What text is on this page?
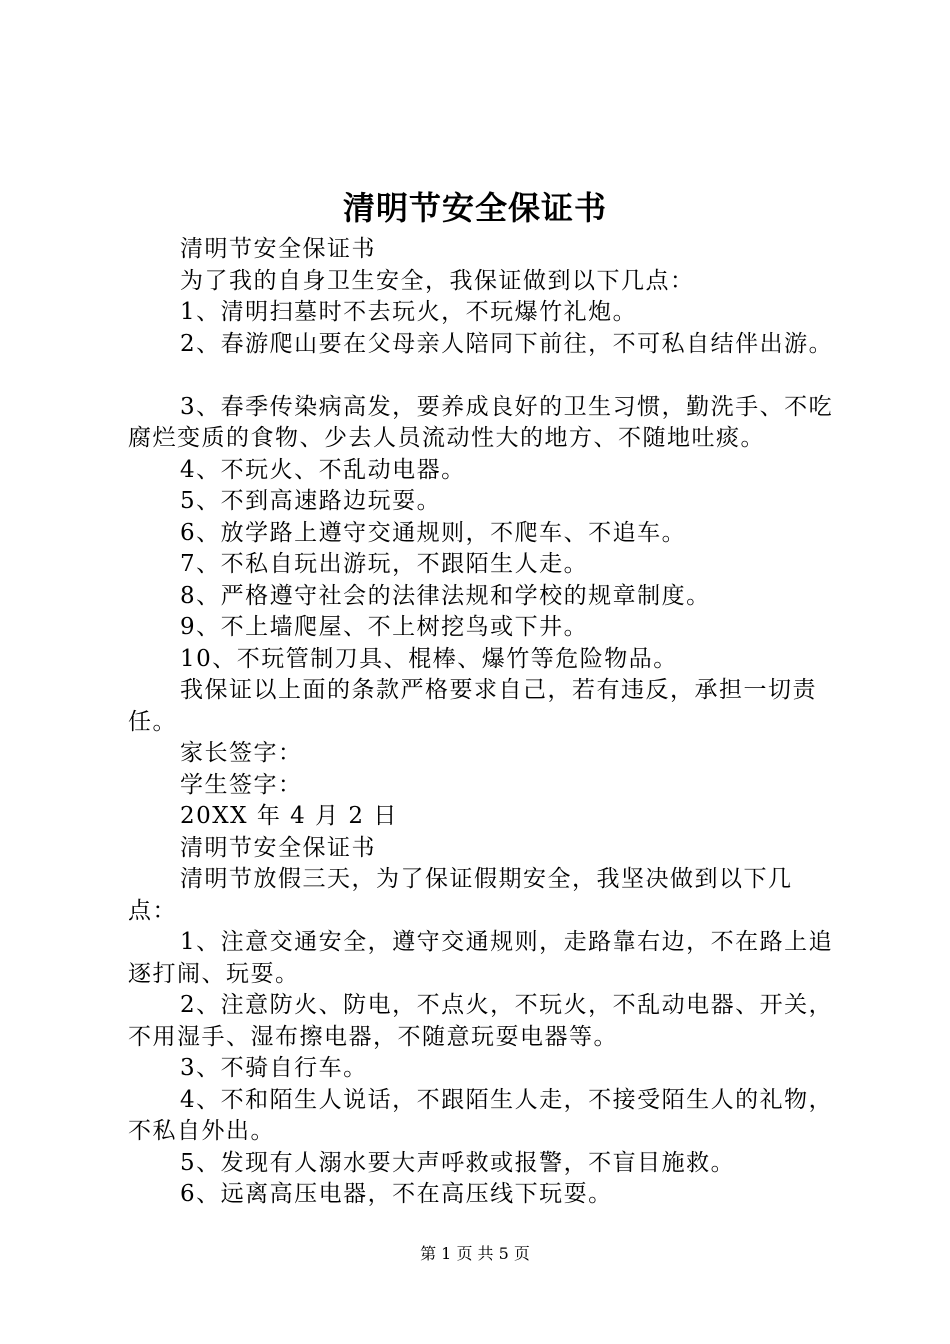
清明节安全保证书

清明节安全保证书

为了我的自身卫生安全，我保证做到以下几点：

1、清明扫墓时不去玩火，不玩爆竹礼炮。

2、春游爬山要在父母亲人陪同下前往，不可私自结伴出游。

3、春季传染病高发，要养成良好的卫生习惯，勤洗手、不吃腐烂变质的食物、少去人员流动性大的地方、不随地吐痰。

4、不玩火、不乱动电器。

5、不到高速路边玩耍。

6、放学路上遵守交通规则，不爬车、不追车。

7、不私自玩出游玩，不跟陌生人走。

8、严格遵守社会的法律法规和学校的规章制度。

9、不上墙爬屋、不上树挖鸟或下井。

10、不玩管制刀具、棍棒、爆竹等危险物品。

我保证以上面的条款严格要求自己，若有违反，承担一切责任。

家长签字：

学生签字：

20XX 年 4 月 2 日

清明节安全保证书

清明节放假三天，为了保证假期安全，我坚决做到以下几点：

1、注意交通安全，遵守交通规则，走路靠右边，不在路上追逐打闹、玩耍。

2、注意防火、防电，不点火，不玩火，不乱动电器、开关，不用湿手、湿布擦电器，不随意玩耍电器等。

3、不骑自行车。

4、不和陌生人说话，不跟陌生人走，不接受陌生人的礼物，不私自外出。

5、发现有人溺水要大声呼救或报警，不盲目施救。

6、远离高压电器，不在高压线下玩耍。

第 1 页 共 5 页
